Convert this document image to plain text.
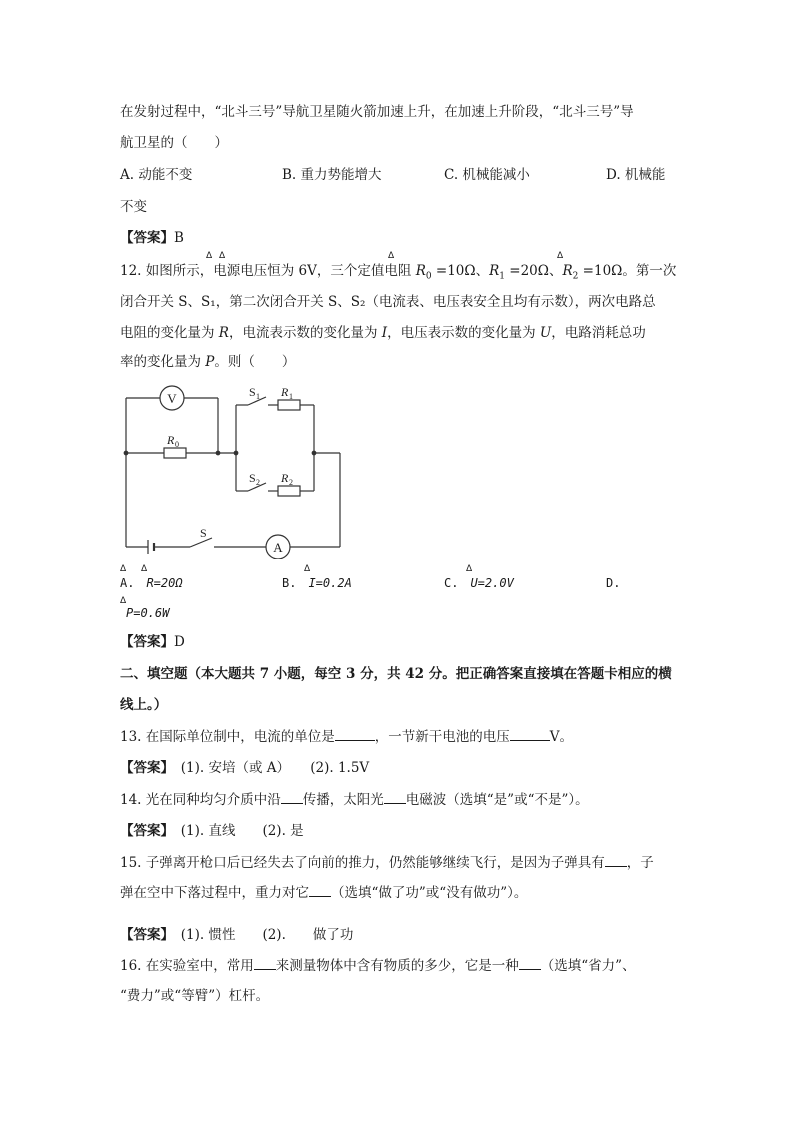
在发射过程中，“北斗三号”导航卫星随火箭加速上升，在加速上升阶段，“北斗三号”导
航卫星的（　　）
A. 动能不变	B. 重力势能增大	C. 机械能减小	D. 机械能
不变
【答案】B
Δ Δ	Δ	Δ
12. 如图所示，电源电压恒为 6V，三个定值电阻 $R_0 =10\Omega$、$R_1 =20\Omega$、$R_2 =10\Omega$。第一次
闭合开关 S、S₁，第二次闭合开关 S、S₂（电流表、电压表安全且均有示数），两次电路总
电阻的变化量为 R，电流表示数的变化量为 I，电压表示数的变化量为 U，电路消耗总功
率的变化量为 P。则（　　）
V
A
R 0
R 1
R 2
S 1
S 2
S
Δ Δ	Δ	Δ
A.　R=20Ω	B.　I=0.2A	C.　U=2.0V	D.
Δ
P=0.6W
【答案】D
二、填空题（本大题共 7 小题，每空 3 分，共 42 分。把正确答案直接填在答题卡相应的横
线上。）
13. 在国际单位制中，电流的单位是	，一节新干电池的电压	V。
【答案】　(1). 安培（或 A）　　(2). 1.5V
14. 光在同种均匀介质中沿 传播，太阳光 电磁波（选填“是”或“不是”）。
【答案】　(1). 直线　　(2). 是
15. 子弹离开枪口后已经失去了向前的推力，仍然能够继续飞行，是因为子弹具有 ，子
弹在空中下落过程中，重力对它 （选填“做了功”或“没有做功”）。
【答案】　(1). 惯性　　(2).　　做了功
16. 在实验室中，常用 来测量物体中含有物质的多少，它是一种 （选填“省力”、
“费力”或“等臂”）杠杆。
